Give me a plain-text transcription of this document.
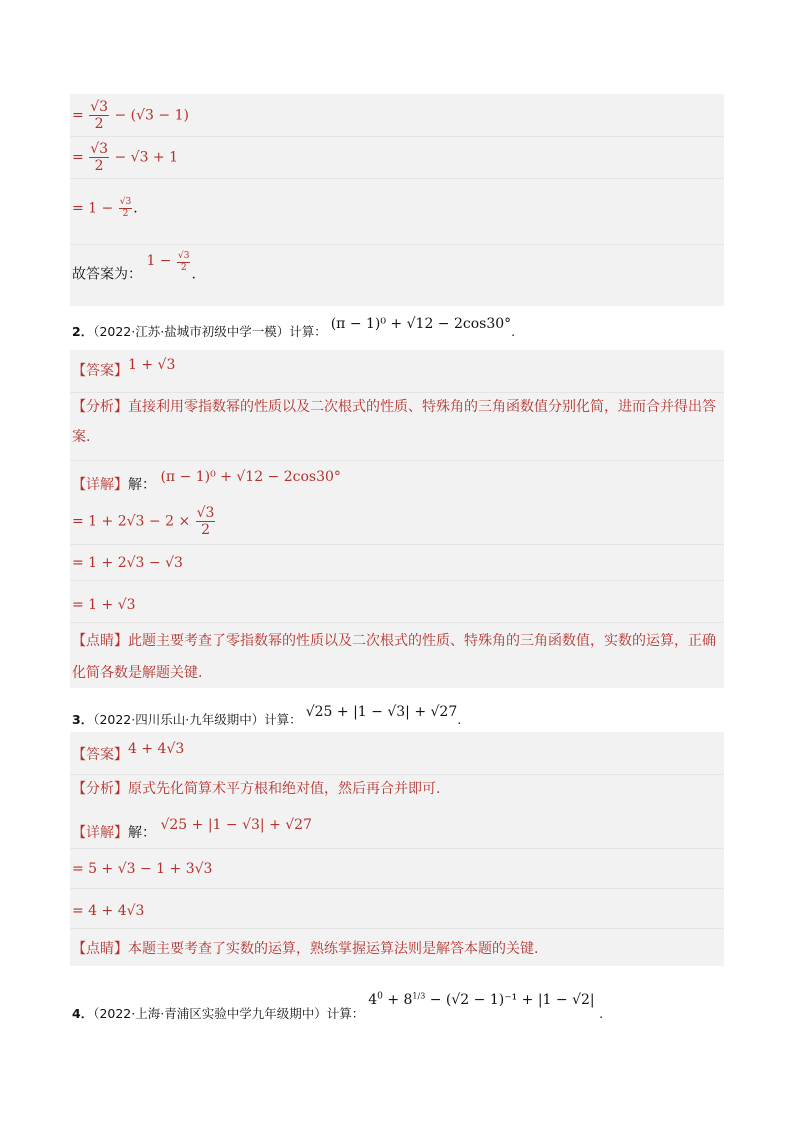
= $\frac{√3}{2} - (√3 - 1)$
= $\frac{√3}{2} - √3 + 1$
= $1 - \frac{√3}{2}$ .
故答案为： $1 - \frac{√3}{2}$
.
2．（2022·江苏·盐城市初级中学一模）计算： (π − 1)⁰ + √12 − 2cos30°.
【答案】1 + √3
【分析】直接利用零指数幂的性质以及二次根式的性质、特殊角的三角函数值分别化简，进而合并得出答
案.
【详解】解： (π − 1)⁰ + √12 − 2cos30°
= $1 + 2√3 - 2 \times \frac{√3}{2}$
= 1 + 2√3 − √3
= 1 + √3
【点睛】此题主要考查了零指数幂的性质以及二次根式的性质、特殊角的三角函数值，实数的运算，正确
化简各数是解题关键.
3．（2022·四川乐山·九年级期中）计算： √25 + |1 − √3| + √27.
【答案】4 + 4√3
【分析】原式先化简算术平方根和绝对值，然后再合并即可.
【详解】解： √25 + |1 − √3| + √27
= 5 + √3 − 1 + 3√3
= 4 + 4√3
【点睛】本题主要考查了实数的运算，熟练掌握运算法则是解答本题的关键.
4．（2022·上海·青浦区实验中学九年级期中）计算： $4^0 + 8^{1/3} - (√2 - 1)^{-1} + |1 - √2|$ .
